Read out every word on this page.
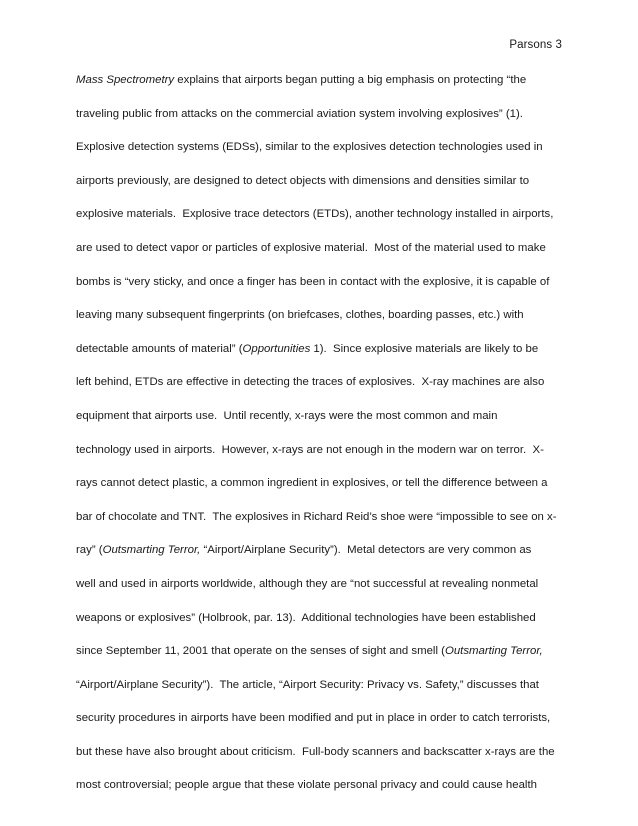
Parsons 3
Mass Spectrometry explains that airports began putting a big emphasis on protecting “the
traveling public from attacks on the commercial aviation system involving explosives” (1).
Explosive detection systems (EDSs), similar to the explosives detection technologies used in
airports previously, are designed to detect objects with dimensions and densities similar to
explosive materials.  Explosive trace detectors (ETDs), another technology installed in airports,
are used to detect vapor or particles of explosive material.  Most of the material used to make
bombs is “very sticky, and once a finger has been in contact with the explosive, it is capable of
leaving many subsequent fingerprints (on briefcases, clothes, boarding passes, etc.) with
detectable amounts of material” (Opportunities 1).  Since explosive materials are likely to be
left behind, ETDs are effective in detecting the traces of explosives.  X-ray machines are also
equipment that airports use.  Until recently, x-rays were the most common and main
technology used in airports.  However, x-rays are not enough in the modern war on terror.  X-
rays cannot detect plastic, a common ingredient in explosives, or tell the difference between a
bar of chocolate and TNT.  The explosives in Richard Reid’s shoe were “impossible to see on x-
ray” (Outsmarting Terror, “Airport/Airplane Security”).  Metal detectors are very common as
well and used in airports worldwide, although they are “not successful at revealing nonmetal
weapons or explosives” (Holbrook, par. 13).  Additional technologies have been established
since September 11, 2001 that operate on the senses of sight and smell (Outsmarting Terror,
“Airport/Airplane Security”).  The article, “Airport Security: Privacy vs. Safety,” discusses that
security procedures in airports have been modified and put in place in order to catch terrorists,
but these have also brought about criticism.  Full-body scanners and backscatter x-rays are the
most controversial; people argue that these violate personal privacy and could cause health
